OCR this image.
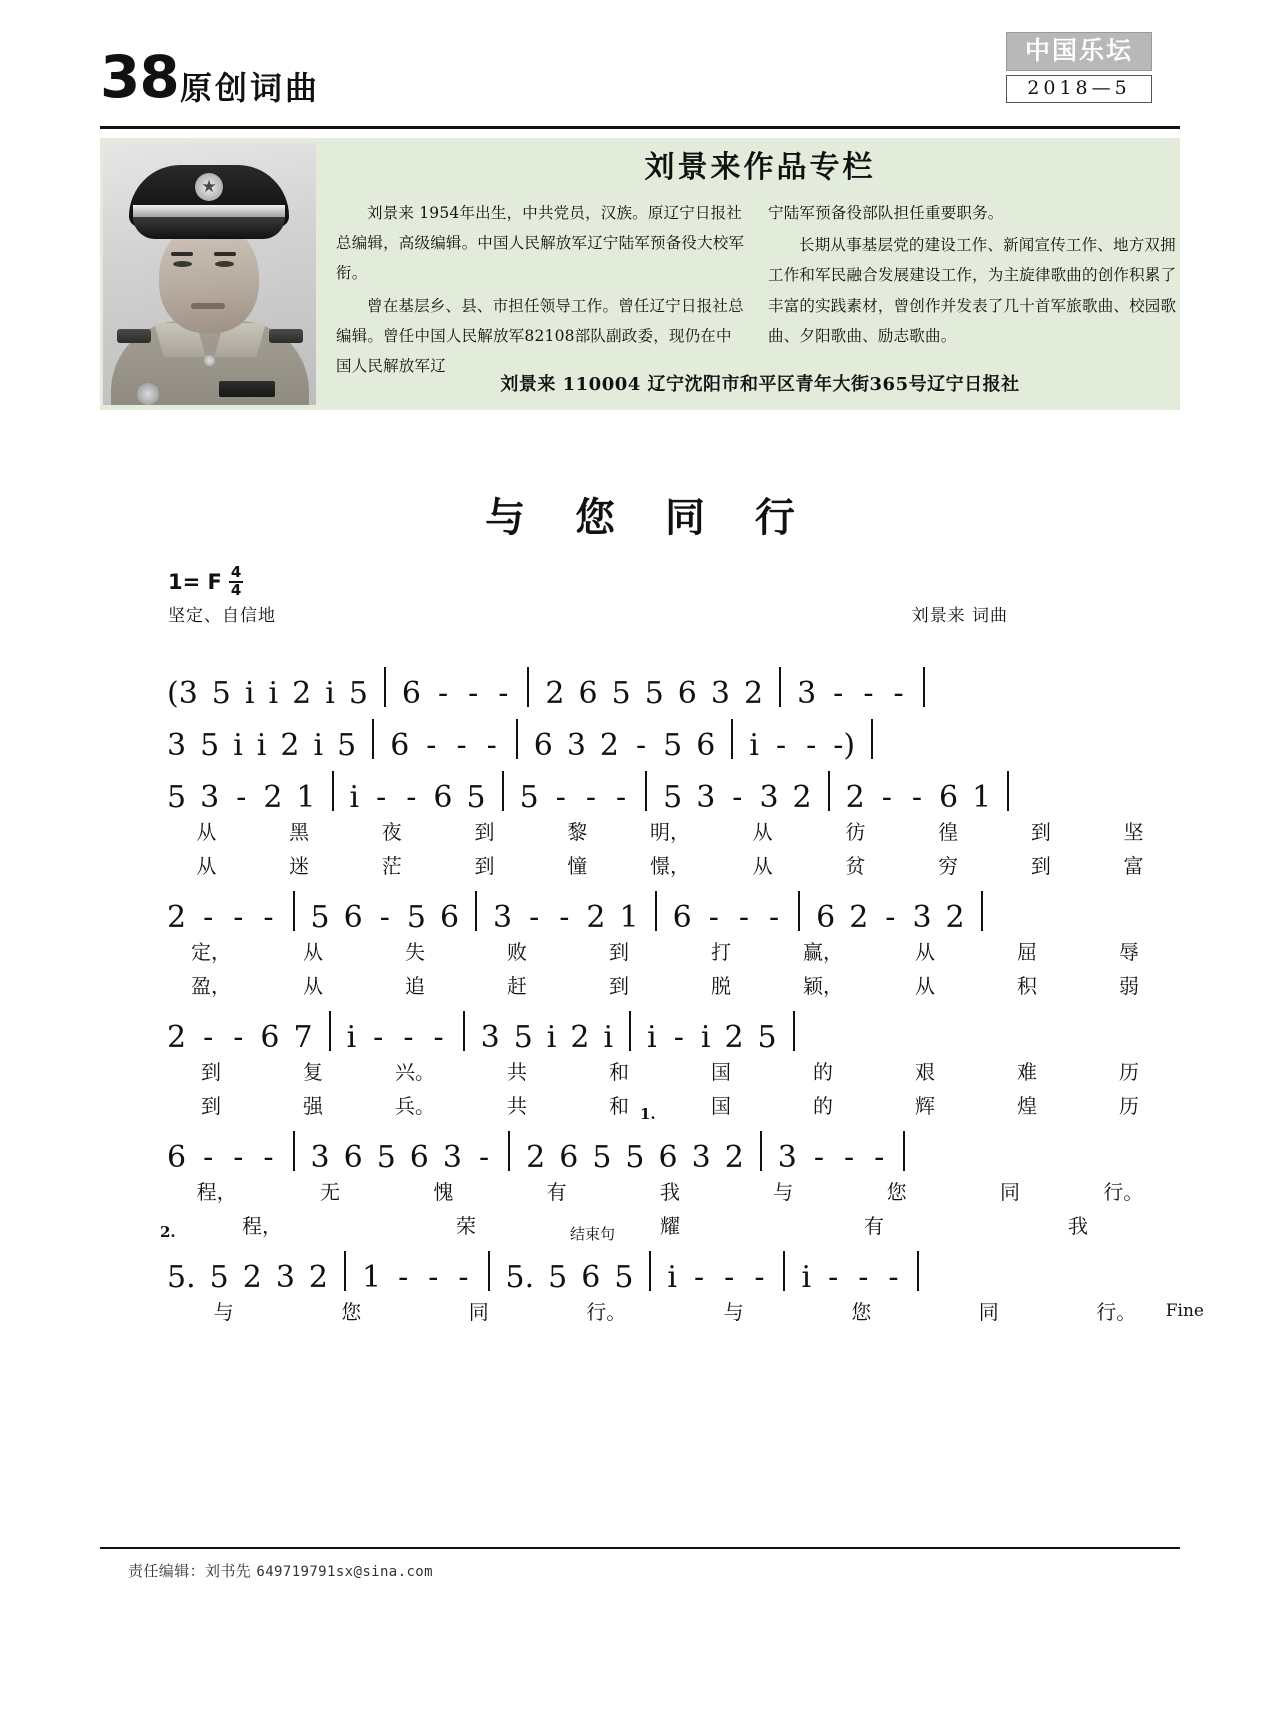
38 原创词曲
中国乐坛
2018—5
★
刘景来作品专栏

刘景来 1954年出生，中共党员，汉族。原辽宁日报社总编辑，高级编辑。中国人民解放军辽宁陆军预备役大校军衔。

曾在基层乡、县、市担任领导工作。曾任辽宁日报社总编辑。曾任中国人民解放军82108部队副政委，现仍在中国人民解放军辽

宁陆军预备役部队担任重要职务。

长期从事基层党的建设工作、新闻宣传工作、地方双拥工作和军民融合发展建设工作，为主旋律歌曲的创作积累了丰富的实践素材，曾创作并发表了几十首军旅歌曲、校园歌曲、夕阳歌曲、励志歌曲。

刘景来 110004 辽宁沈阳市和平区青年大街365号辽宁日报社
与 您 同 行
1= F $\frac{4}{4}$
坚定、自信地	刘景来 词曲
(3 5 i i 2 i 5 6 - - -	2 6 5 5 6 3 2 3 - - -
3 5 i i 2 i 5 6 - - -	6 3 2 - 5 6 i - - -)
5 3 - 2 1 i - - 6 5 5 - - -	5 3 - 3 2 2 - - 6 1
从	黑	夜	到	黎	明，	从	彷	徨	到	坚
从	迷	茫	到	憧	憬，	从	贫	穷	到	富
2 - - -	5 6 - 5 6 3 - - 2 1 6 - - -	6 2 - 3 2
定，	从	失	败	到	打	赢，	从	屈	辱
盈，	从	追	赶	到	脱	颖，	从	积	弱
2 - - 6 7 i - - -	3 5 i 2 i i - i 2 5
到	复	兴。	共	和	国	的	艰	难	历
到	强	兵。	共	和	国	的	辉	煌	历
6 - - -	3 6 5 6 3 -	2 6 5 5 6 3 2 3 - - -
程，	无	愧	有	我	与	您	同	行。
程，	荣	耀	有	我
1.
5. 5 2 3 2 1 - - -	5. 5 6 5 i - - -	i - - -
与	您	同	行。	与	您	同	行。
2.	结束句
Fine
责任编辑：刘书先 649719791sx@sina.com
